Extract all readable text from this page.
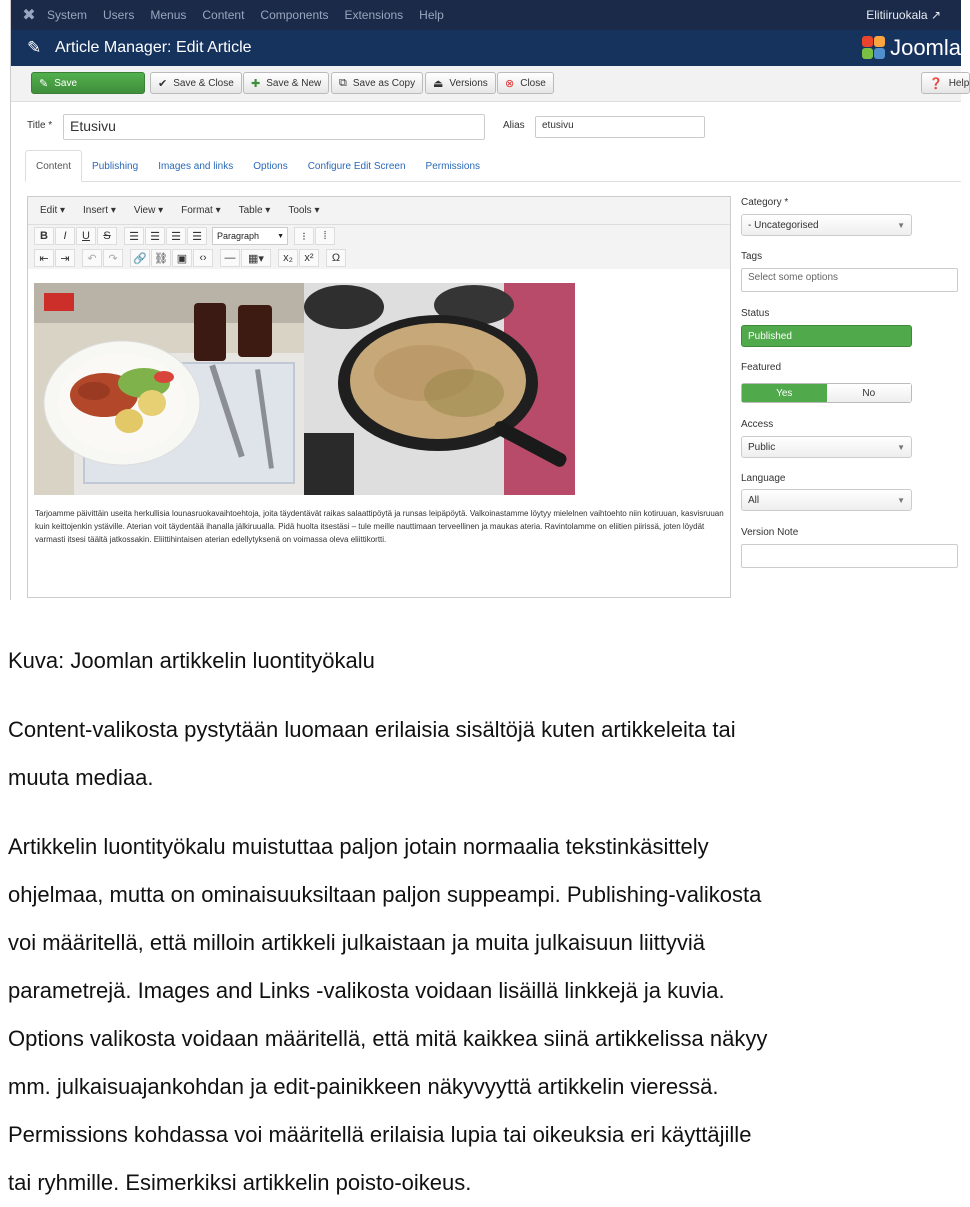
✖ System Users Menus Content Components Extensions Help	Elitiiruokala ↗
✎ Article Manager: Edit Article	Joomla
✎ Save	✔ Save & Close ✚ Save & New ⧉ Save as Copy ⏏ Versions ⊗ Close	❓ Help
Title *	Etusivu	Alias	etusivu
Content	Publishing	Images and links	Options	Configure Edit Screen	Permissions
Edit ▾ Insert ▾ View ▾ Format ▾ Table ▾ Tools ▾
B	I	U	S	☰	☰	☰	☰	Paragraph	▼	⁝	⁞
⇤	⇥	↶	↷	🔗 ⛓ ▣	‹›	—	▦▾	x₂	x²	Ω
Tarjoamme päivittäin useita herkullisia lounasruokavaihtoehtoja, joita täydentävät raikas salaattipöytä ja runsas leipäpöytä. Valkoinastamme löytyy mielelnen vaihtoehto niin kotiruuan, kasvisruuan kuin keittojenkin ystäville. Aterian voit täydentää ihanalla jälkiruualla. Pidä huolta itsestäsi – tule meille nauttimaan terveellinen ja maukas ateria. Ravintolamme on eliitien piirissä, joten löydät varmasti itsesi täältä jatkossakin. Eliittihintaisen aterian edellytyksenä on voimassa oleva eliittikortti.
Category *
- Uncategorised	▼
Tags
Select some options
Status
Published
Featured
Yes	No
Access
Public	▼
Language
All	▼
Version Note
Kuva: Joomlan artikkelin luontityökalu
Content-valikosta pystytään luomaan erilaisia sisältöjä kuten artikkeleita tai
muuta mediaa.
Artikkelin luontityökalu muistuttaa paljon jotain normaalia tekstinkäsittely
ohjelmaa, mutta on ominaisuuksiltaan paljon suppeampi. Publishing-valikosta
voi määritellä, että milloin artikkeli julkaistaan ja muita julkaisuun liittyviä
parametrejä. Images and Links -valikosta voidaan lisäillä linkkejä ja kuvia.
Options valikosta voidaan määritellä, että mitä kaikkea siinä artikkelissa näkyy
mm. julkaisuajankohdan ja edit-painikkeen näkyvyyttä artikkelin vieressä.
Permissions kohdassa voi määritellä erilaisia lupia tai oikeuksia eri käyttäjille
tai ryhmille. Esimerkiksi artikkelin poisto-oikeus.
